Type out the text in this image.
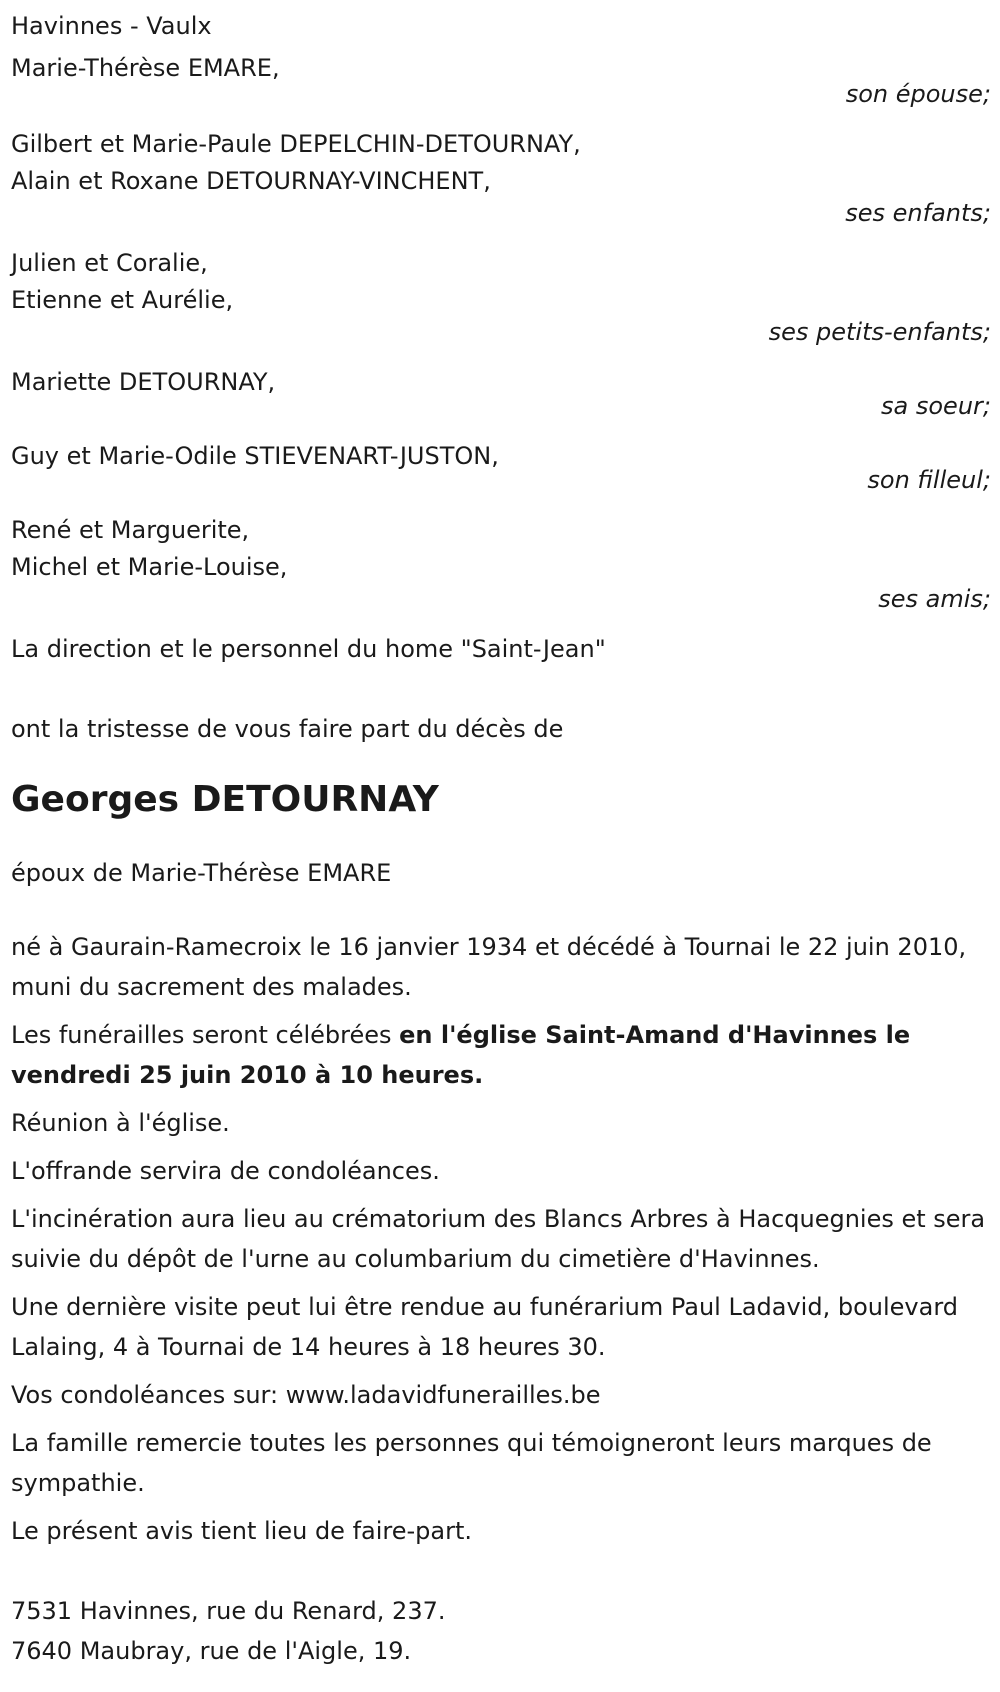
Havinnes - Vaulx
Marie-Thérèse EMARE,
son épouse;
Gilbert et Marie-Paule DEPELCHIN-DETOURNAY,
Alain et Roxane DETOURNAY-VINCHENT,
ses enfants;
Julien et Coralie,
Etienne et Aurélie,
ses petits-enfants;
Mariette DETOURNAY,
sa soeur;
Guy et Marie-Odile STIEVENART-JUSTON,
son filleul;
René et Marguerite,
Michel et Marie-Louise,
ses amis;
La direction et le personnel du home "Saint-Jean"
ont la tristesse de vous faire part du décès de
Georges DETOURNAY
époux de Marie-Thérèse EMARE
né à Gaurain-Ramecroix le 16 janvier 1934 et décédé à Tournai le 22 juin 2010, muni du sacrement des malades.
Les funérailles seront célébrées en l'église Saint-Amand d'Havinnes le vendredi 25 juin 2010 à 10 heures.
Réunion à l'église.
L'offrande servira de condoléances.
L'incinération aura lieu au crématorium des Blancs Arbres à Hacquegnies et sera suivie du dépôt de l'urne au columbarium du cimetière d'Havinnes.
Une dernière visite peut lui être rendue au funérarium Paul Ladavid, boulevard Lalaing, 4 à Tournai de 14 heures à 18 heures 30.
Vos condoléances sur: www.ladavidfunerailles.be
La famille remercie toutes les personnes qui témoigneront leurs marques de sympathie.
Le présent avis tient lieu de faire-part.
7531 Havinnes, rue du Renard, 237.
7640 Maubray, rue de l'Aigle, 19.
